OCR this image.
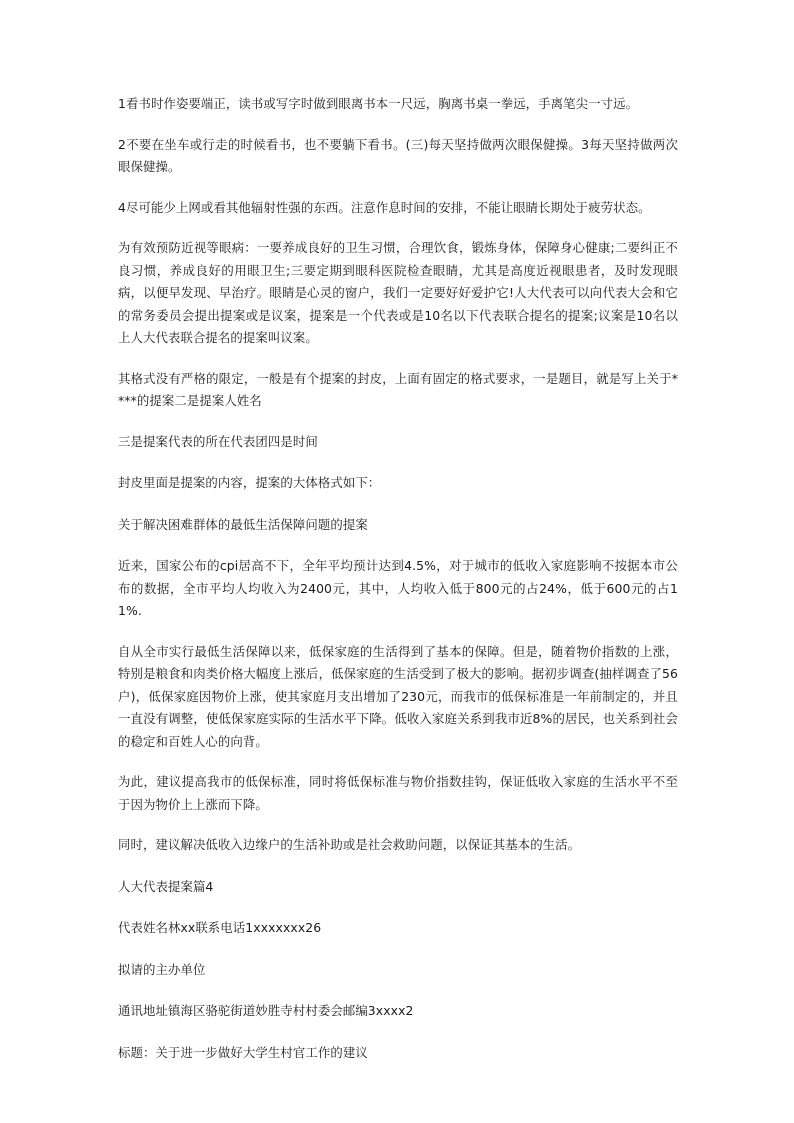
1看书时作姿要端正，读书或写字时做到眼离书本一尺远，胸离书桌一拳远，手离笔尖一寸远。

2不要在坐车或行走的时候看书，也不要躺下看书。(三)每天坚持做两次眼保健操。3每天坚持做两次眼保健操。

4尽可能少上网或看其他辐射性强的东西。注意作息时间的安排，不能让眼睛长期处于疲劳状态。

为有效预防近视等眼病：一要养成良好的卫生习惯，合理饮食，锻炼身体，保障身心健康;二要纠正不良习惯，养成良好的用眼卫生;三要定期到眼科医院检查眼睛，尤其是高度近视眼患者，及时发现眼病，以便早发现、早治疗。眼睛是心灵的窗户，我们一定要好好爱护它!人大代表可以向代表大会和它的常务委员会提出提案或是议案，提案是一个代表或是10名以下代表联合提名的提案;议案是10名以上人大代表联合提名的提案叫议案。

其格式没有严格的限定，一般是有个提案的封皮，上面有固定的格式要求，一是题目，就是写上关于****的提案二是提案人姓名

三是提案代表的所在代表团四是时间

封皮里面是提案的内容，提案的大体格式如下：

关于解决困难群体的最低生活保障问题的提案

近来，国家公布的cpi居高不下，全年平均预计达到4.5%，对于城市的低收入家庭影响不按据本市公布的数据，全市平均人均收入为2400元，其中，人均收入低于800元的占24%，低于600元的占11%.

自从全市实行最低生活保障以来，低保家庭的生活得到了基本的保障。但是，随着物价指数的上涨，特别是粮食和肉类价格大幅度上涨后，低保家庭的生活受到了极大的影响。据初步调查(抽样调查了56户)，低保家庭因物价上涨，使其家庭月支出增加了230元，而我市的低保标准是一年前制定的，并且一直没有调整，使低保家庭实际的生活水平下降。低收入家庭关系到我市近8%的居民，也关系到社会的稳定和百姓人心的向背。

为此，建议提高我市的低保标准，同时将低保标准与物价指数挂钩，保证低收入家庭的生活水平不至于因为物价上上涨而下降。

同时，建议解决低收入边缘户的生活补助或是社会救助问题，以保证其基本的生活。

人大代表提案篇4

代表姓名林xx联系电话1xxxxxxx26

拟请的主办单位

通讯地址镇海区骆驼街道妙胜寺村村委会邮编3xxxx2

标题：关于进一步做好大学生村官工作的建议
